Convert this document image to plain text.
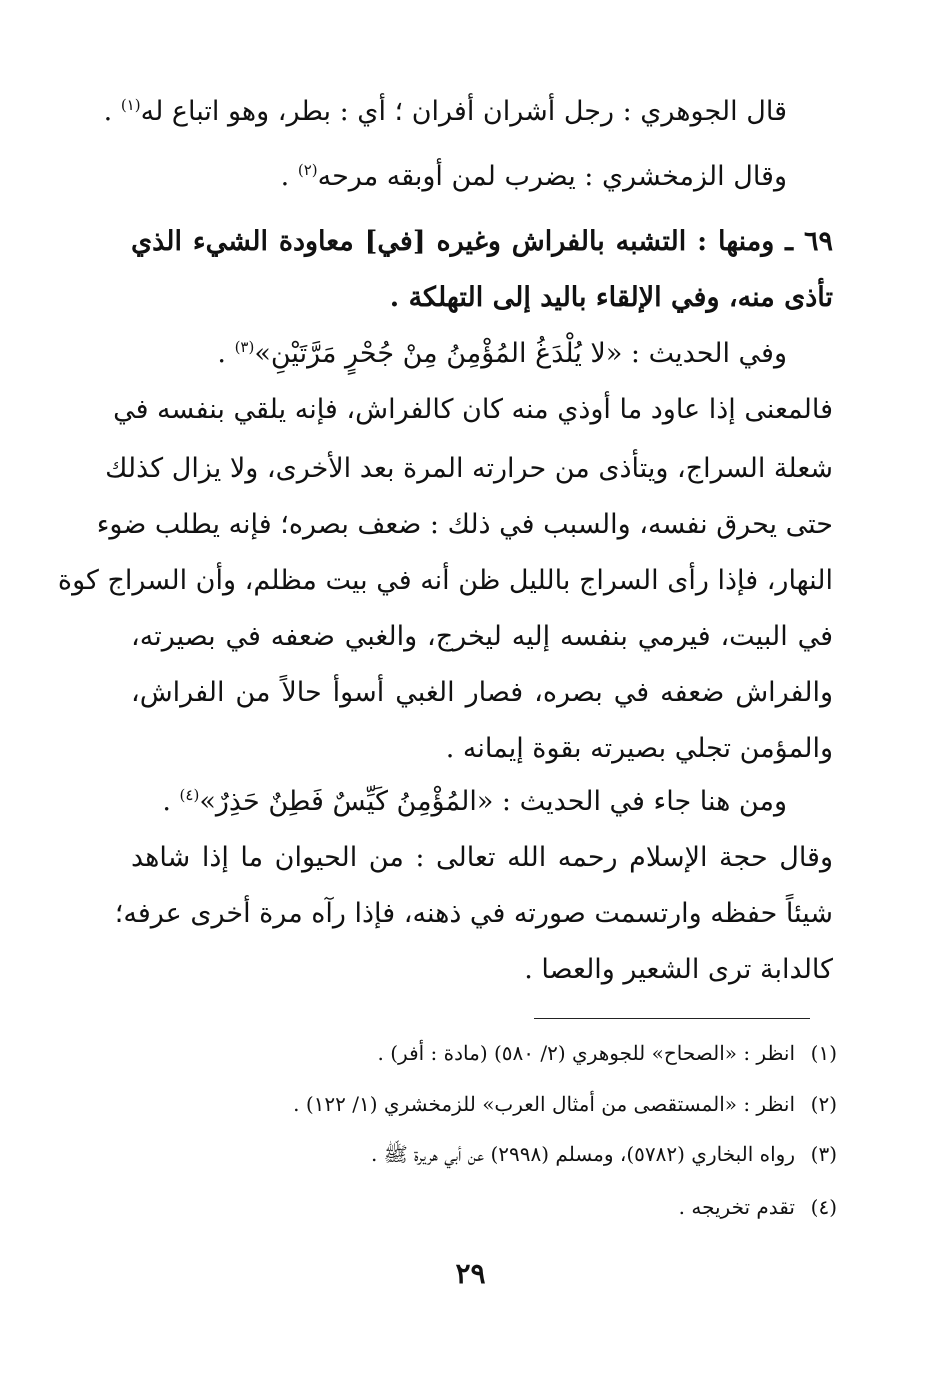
قال الجوهري : رجل أشران أفران ؛ أي : بطر، وهو اتباع له$^{(١)}$ .
وقال الزمخشري : يضرب لمن أوبقه مرحه$^{(٢)}$ .
٦٩ ـ ومنها : التشبه بالفراش وغيره [في] معاودة الشيء الذي
تأذى منه، وفي الإلقاء باليد إلى التهلكة .
وفي الحديث : «لا يُلْدَغُ المُؤْمِنُ مِنْ جُحْرٍ مَرَّتَيْنِ»$^{(٣)}$ .
فالمعنى إذا عاود ما أوذي منه كان كالفراش، فإنه يلقي بنفسه في
شعلة السراج، ويتأذى من حرارته المرة بعد الأخرى، ولا يزال كذلك
حتى يحرق نفسه، والسبب في ذلك : ضعف بصره؛ فإنه يطلب ضوء
النهار، فإذا رأى السراج بالليل ظن أنه في بيت مظلم، وأن السراج كوة
في البيت، فيرمي بنفسه إليه ليخرج، والغبي ضعفه في بصيرته،
والفراش ضعفه في بصره، فصار الغبي أسوأ حالاً من الفراش،
والمؤمن تجلي بصيرته بقوة إيمانه .
ومن هنا جاء في الحديث : «المُؤْمِنُ كَيِّسٌ فَطِنٌ حَذِرٌ»$^{(٤)}$ .
وقال حجة الإسلام رحمه الله تعالى : من الحيوان ما إذا شاهد
شيئاً حفظه وارتسمت صورته في ذهنه، فإذا رآه مرة أخرى عرفه؛
كالدابة ترى الشعير والعصا .
(١)انظر : «الصحاح» للجوهري (٢/ ٥٨٠) (مادة : أفر) .
(٢)انظر : «المستقصى من أمثال العرب» للزمخشري (١/ ١٢٢) .
(٣)رواه البخاري (٥٧٨٢)، ومسلم (٢٩٩٨) عن أبي هريرة ﷺ .
(٤)تقدم تخريجه .
٢٩
